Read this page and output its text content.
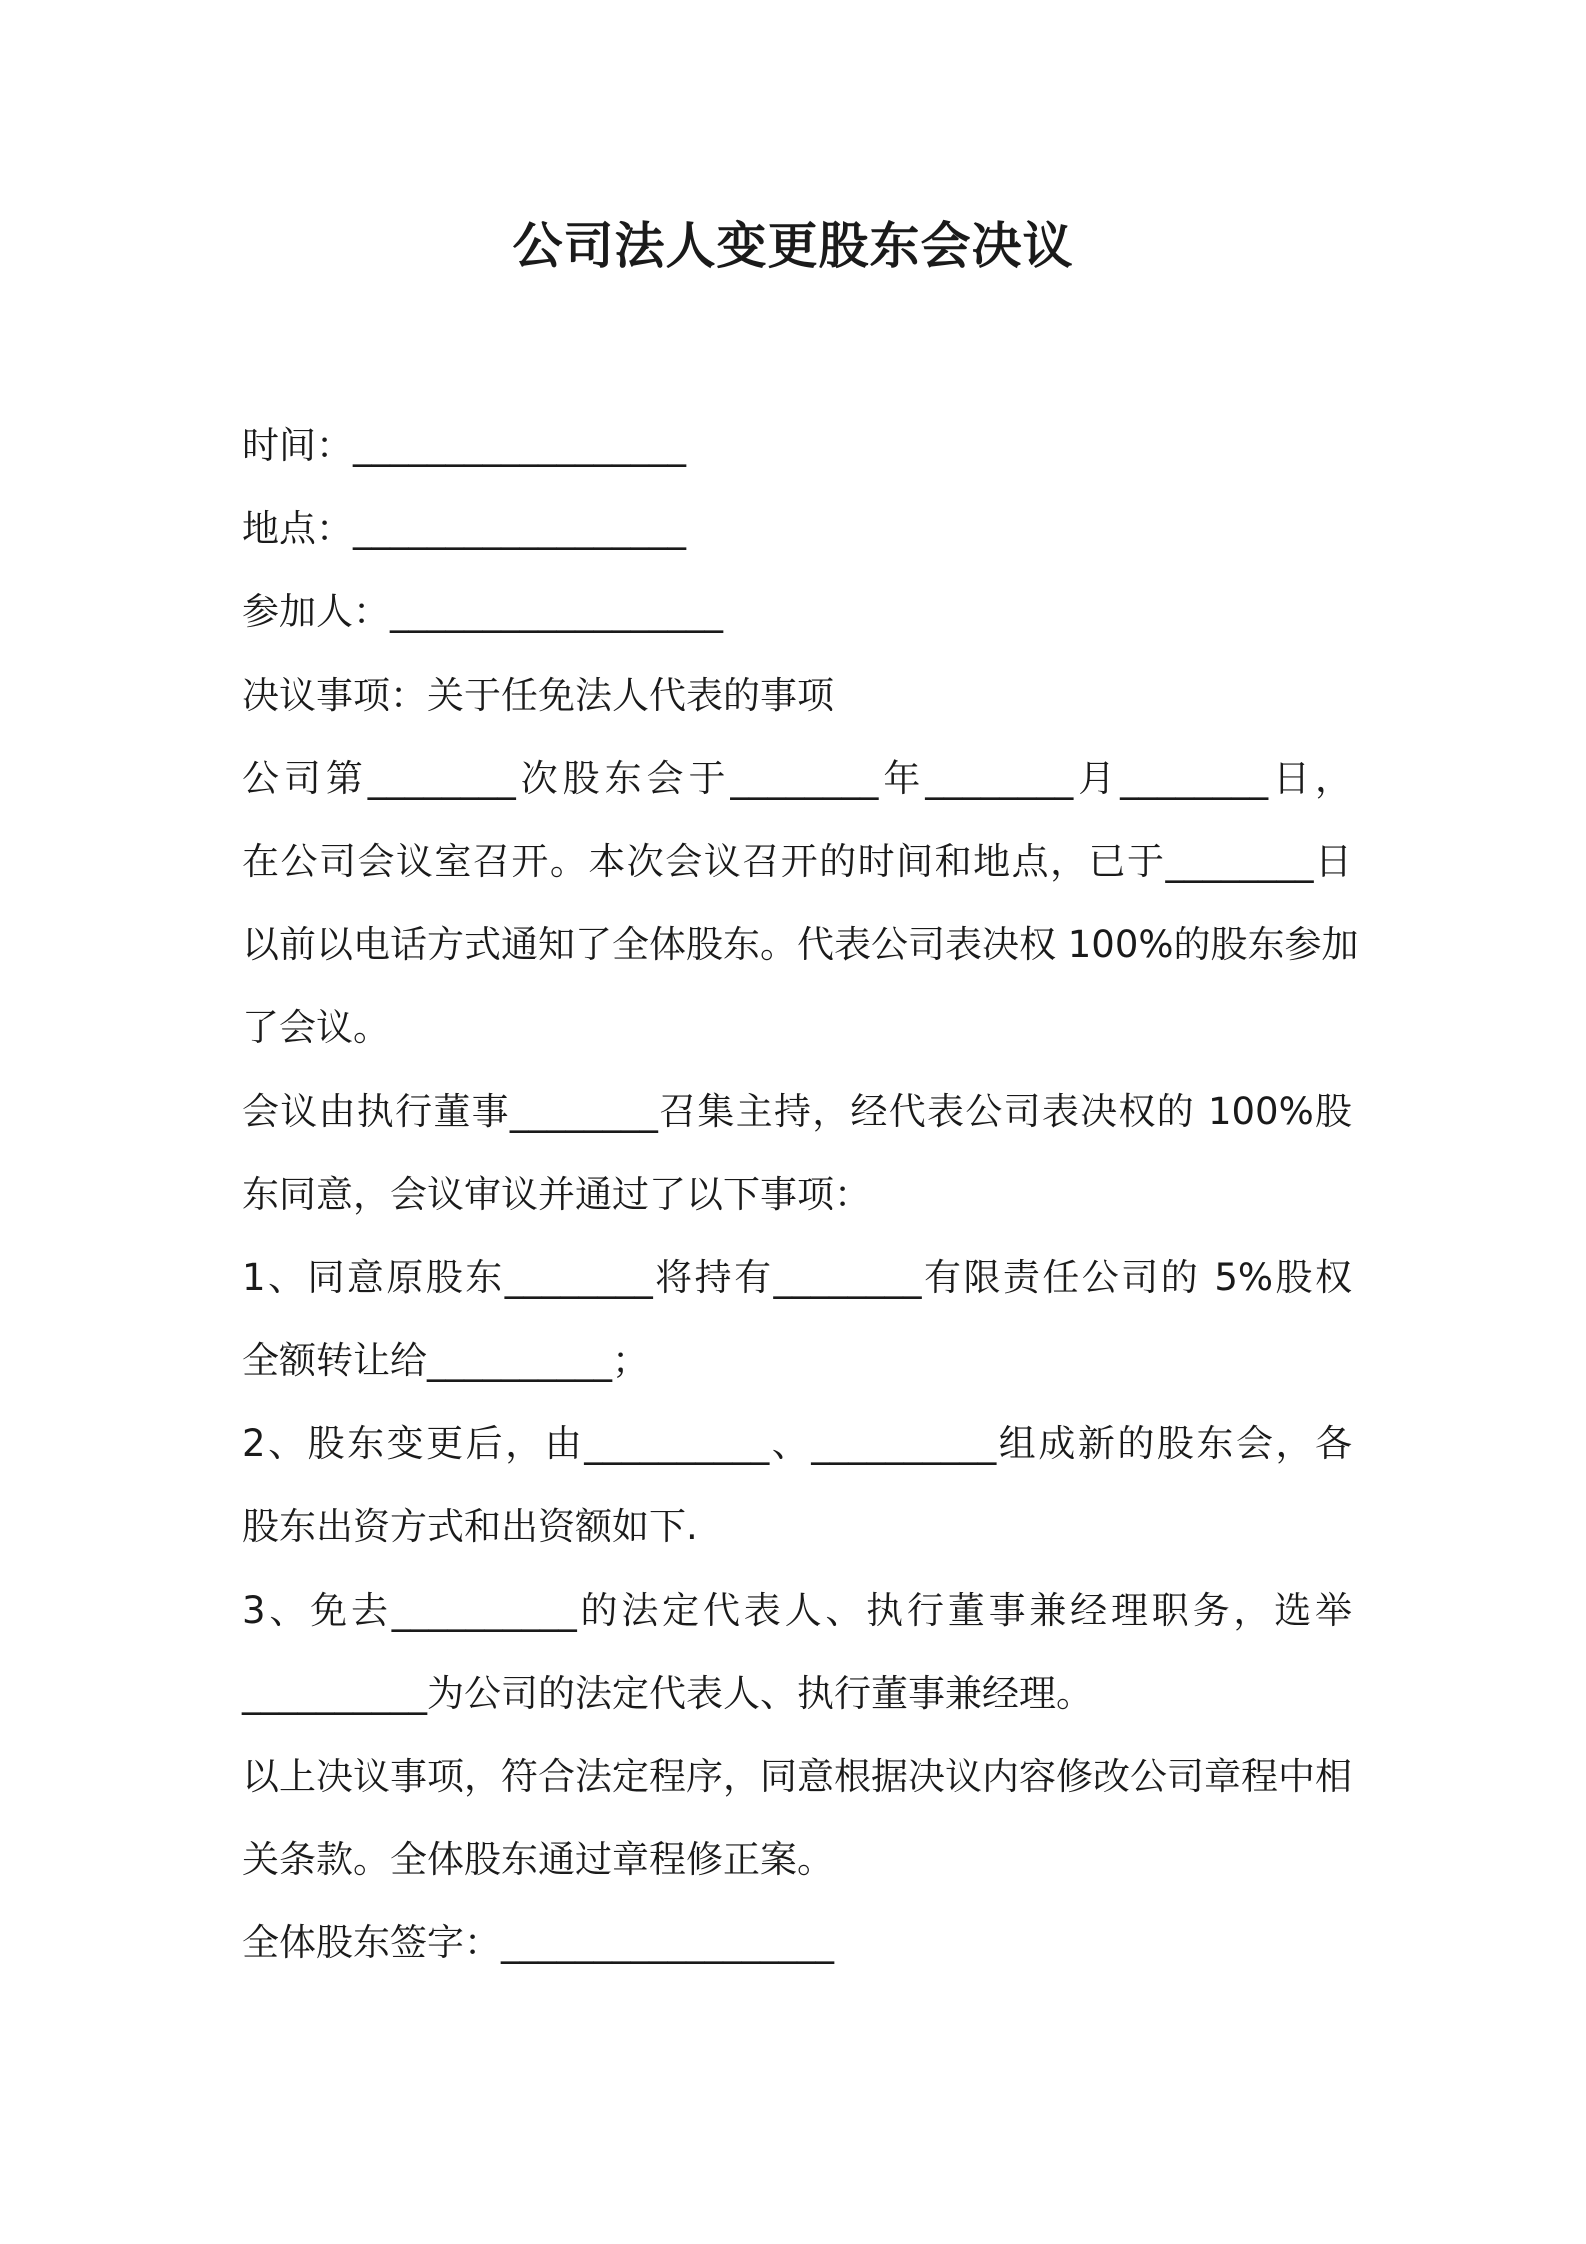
公司法人变更股东会决议
时间：__________________
地点：__________________
参加人：__________________
决议事项：关于任免法人代表的事项
公司第________次股东会于________年________月________日，
在公司会议室召开。本次会议召开的时间和地点，已于________日
以前以电话方式通知了全体股东。代表公司表决权 100%的股东参加
了会议。
会议由执行董事________召集主持，经代表公司表决权的 100%股
东同意，会议审议并通过了以下事项：
1、同意原股东________将持有________有限责任公司的 5%股权
全额转让给__________；
2、股东变更后，由__________、__________组成新的股东会，各
股东出资方式和出资额如下.
3、免去__________的法定代表人、执行董事兼经理职务，选举
__________为公司的法定代表人、执行董事兼经理。
以上决议事项，符合法定程序，同意根据决议内容修改公司章程中相
关条款。全体股东通过章程修正案。
全体股东签字：__________________
